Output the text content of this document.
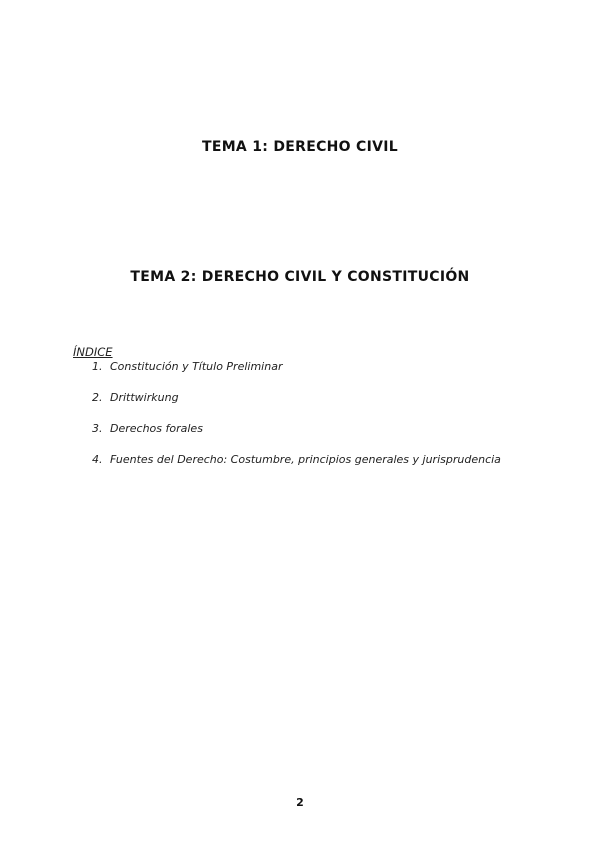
TEMA 1: DERECHO CIVIL
TEMA 2: DERECHO CIVIL Y CONSTITUCIÓN

ÍNDICE

1. Constitución y Título Preliminar
2. Drittwirkung
3. Derechos forales
4. Fuentes del Derecho: Costumbre, principios generales y jurisprudencia
2
